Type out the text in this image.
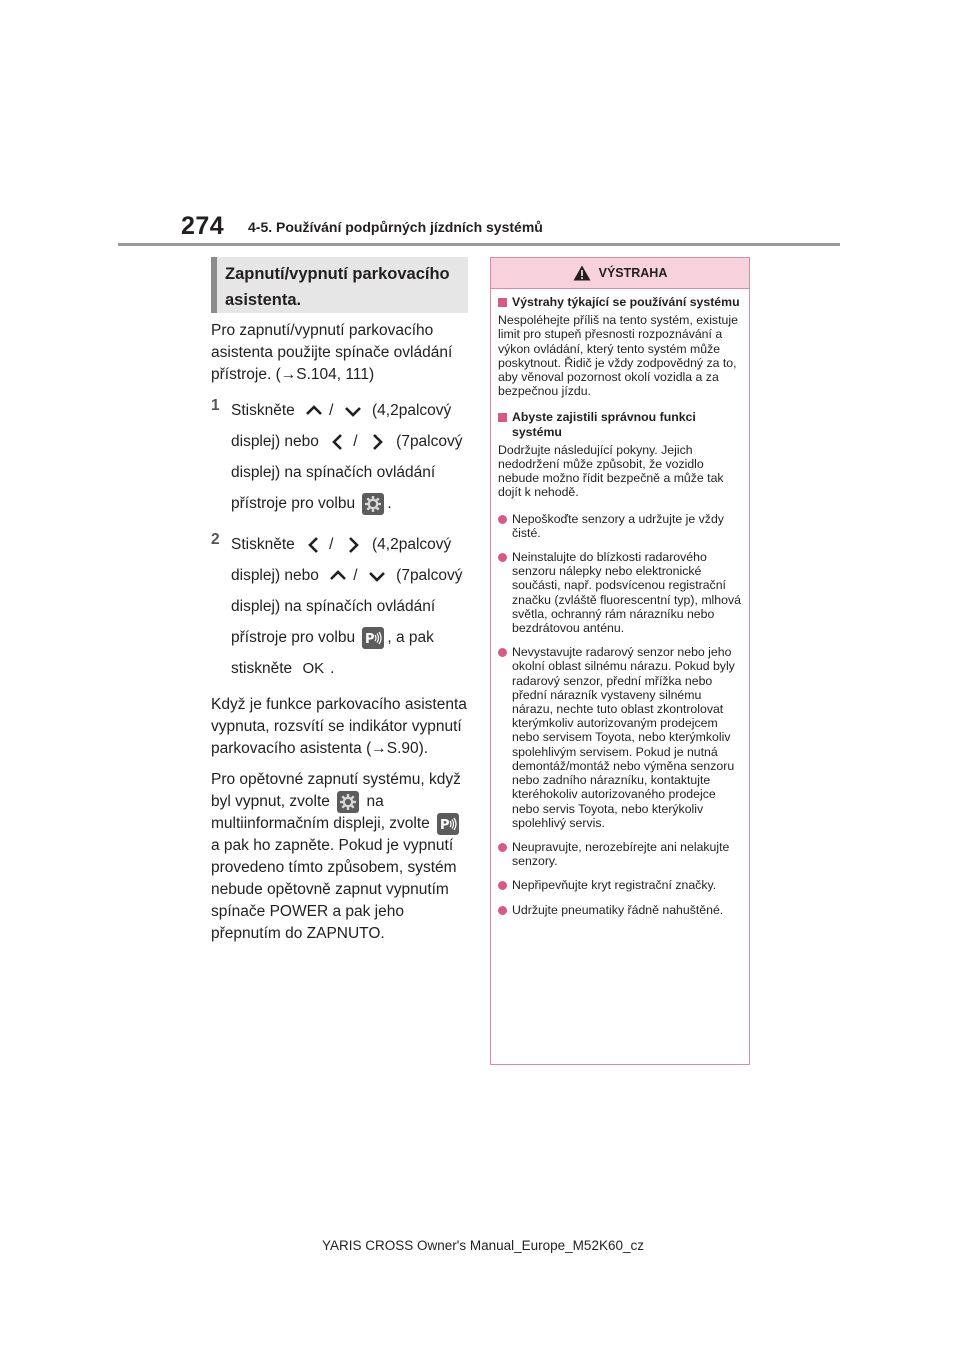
274 4-5. Používání podpůrných jízdních systémů
Zapnutí/vypnutí parkovacího asistenta.

Pro zapnutí/vypnutí parkovacího asistenta použijte spínače ovládání přístroje. (→S.104, 111)

1 Stiskněte / (4,2palcový
displej) nebo / (7palcový
displej) na spínačích ovládání
přístroje pro volbu .
2 Stiskněte / (4,2palcový
displej) nebo / (7palcový
displej) na spínačích ovládání
přístroje pro volbu P , a pak
stiskněte OK .

Když je funkce parkovacího asistenta vypnuta, rozsvítí se indikátor vypnutí parkovacího asistenta (→S.90).

Pro opětovné zapnutí systému, když byl vypnut, zvolte na multiinformačním displeji, zvolte P
a pak ho zapněte. Pokud je vypnutí provedeno tímto způsobem, systém nebude opětovně zapnut vypnutím spínače POWER a pak jeho přepnutím do ZAPNUTO.

VÝSTRAHA
Výstrahy týkající se používání systému

Nespoléhejte příliš na tento systém, existuje limit pro stupeň přesnosti rozpoznávání a výkon ovládání, který tento systém může poskytnout. Řidič je vždy zodpovědný za to, aby věnoval pozornost okolí vozidla a za bezpečnou jízdu.

Abyste zajistili správnou funkci systému

Dodržujte následující pokyny. Jejich nedodržení může způsobit, že vozidlo nebude možno řídit bezpečně a může tak dojít k nehodě.

Nepoškoďte senzory a udržujte je vždy čisté.
Neinstalujte do blízkosti radarového senzoru nálepky nebo elektronické součásti, např. podsvícenou registrační značku (zvláště fluorescentní typ), mlhová světla, ochranný rám nárazníku nebo bezdrátovou anténu.
Nevystavujte radarový senzor nebo jeho okolní oblast silnému nárazu. Pokud byly radarový senzor, přední mřížka nebo přední nárazník vystaveny silnému nárazu, nechte tuto oblast zkontrolovat kterýmkoliv autorizovaným prodejcem nebo servisem Toyota, nebo kterýmkoliv spolehlivým servisem. Pokud je nutná demontáž/montáž nebo výměna senzoru nebo zadního nárazníku, kontaktujte kteréhokoliv autorizovaného prodejce nebo servis Toyota, nebo kterýkoliv spolehlivý servis.
Neupravujte, nerozebírejte ani nelakujte senzory.
Nepřipevňujte kryt registrační značky.
Udržujte pneumatiky řádně nahuštěné.
YARIS CROSS Owner's Manual_Europe_M52K60_cz
